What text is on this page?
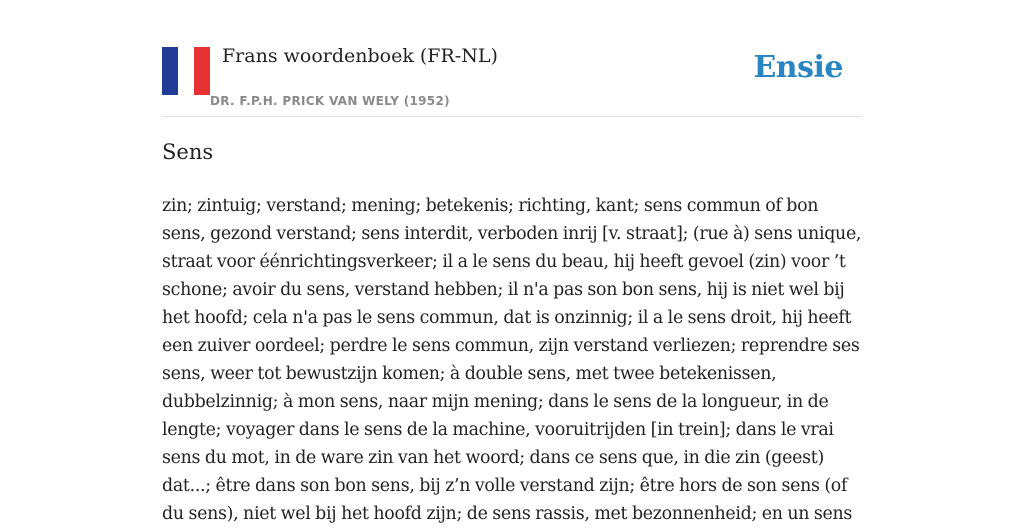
Frans woordenboek (FR-NL)
DR. F.P.H. PRICK VAN WELY (1952)
Ensie
Sens

zin; zintuig; verstand; mening; betekenis; richting, kant; sens commun of bon sens, gezond verstand; sens interdit, verboden inrij [v. straat]; (rue à) sens unique, straat voor éénrichtingsverkeer; il a le sens du beau, hij heeft gevoel (zin) voor ’t schone; avoir du sens, verstand hebben; il n'a pas son bon sens, hij is niet wel bij het hoofd; cela n'a pas le sens commun, dat is onzinnig; il a le sens droit, hij heeft een zuiver oordeel; perdre le sens commun, zijn verstand verliezen; reprendre ses sens, weer tot bewustzijn komen; à double sens, met twee betekenissen, dubbelzinnig; à mon sens, naar mijn mening; dans le sens de la longueur, in de lengte; voyager dans le sens de la machine, vooruitrijden [in trein]; dans le vrai sens du mot, in de ware zin van het woord; dans ce sens que, in die zin (geest) dat...; être dans son bon sens, bij z’n volle verstand zijn; être hors de son sens (of du sens), niet wel bij het hoofd zijn; de sens rassis, met bezonnenheid; en un sens
